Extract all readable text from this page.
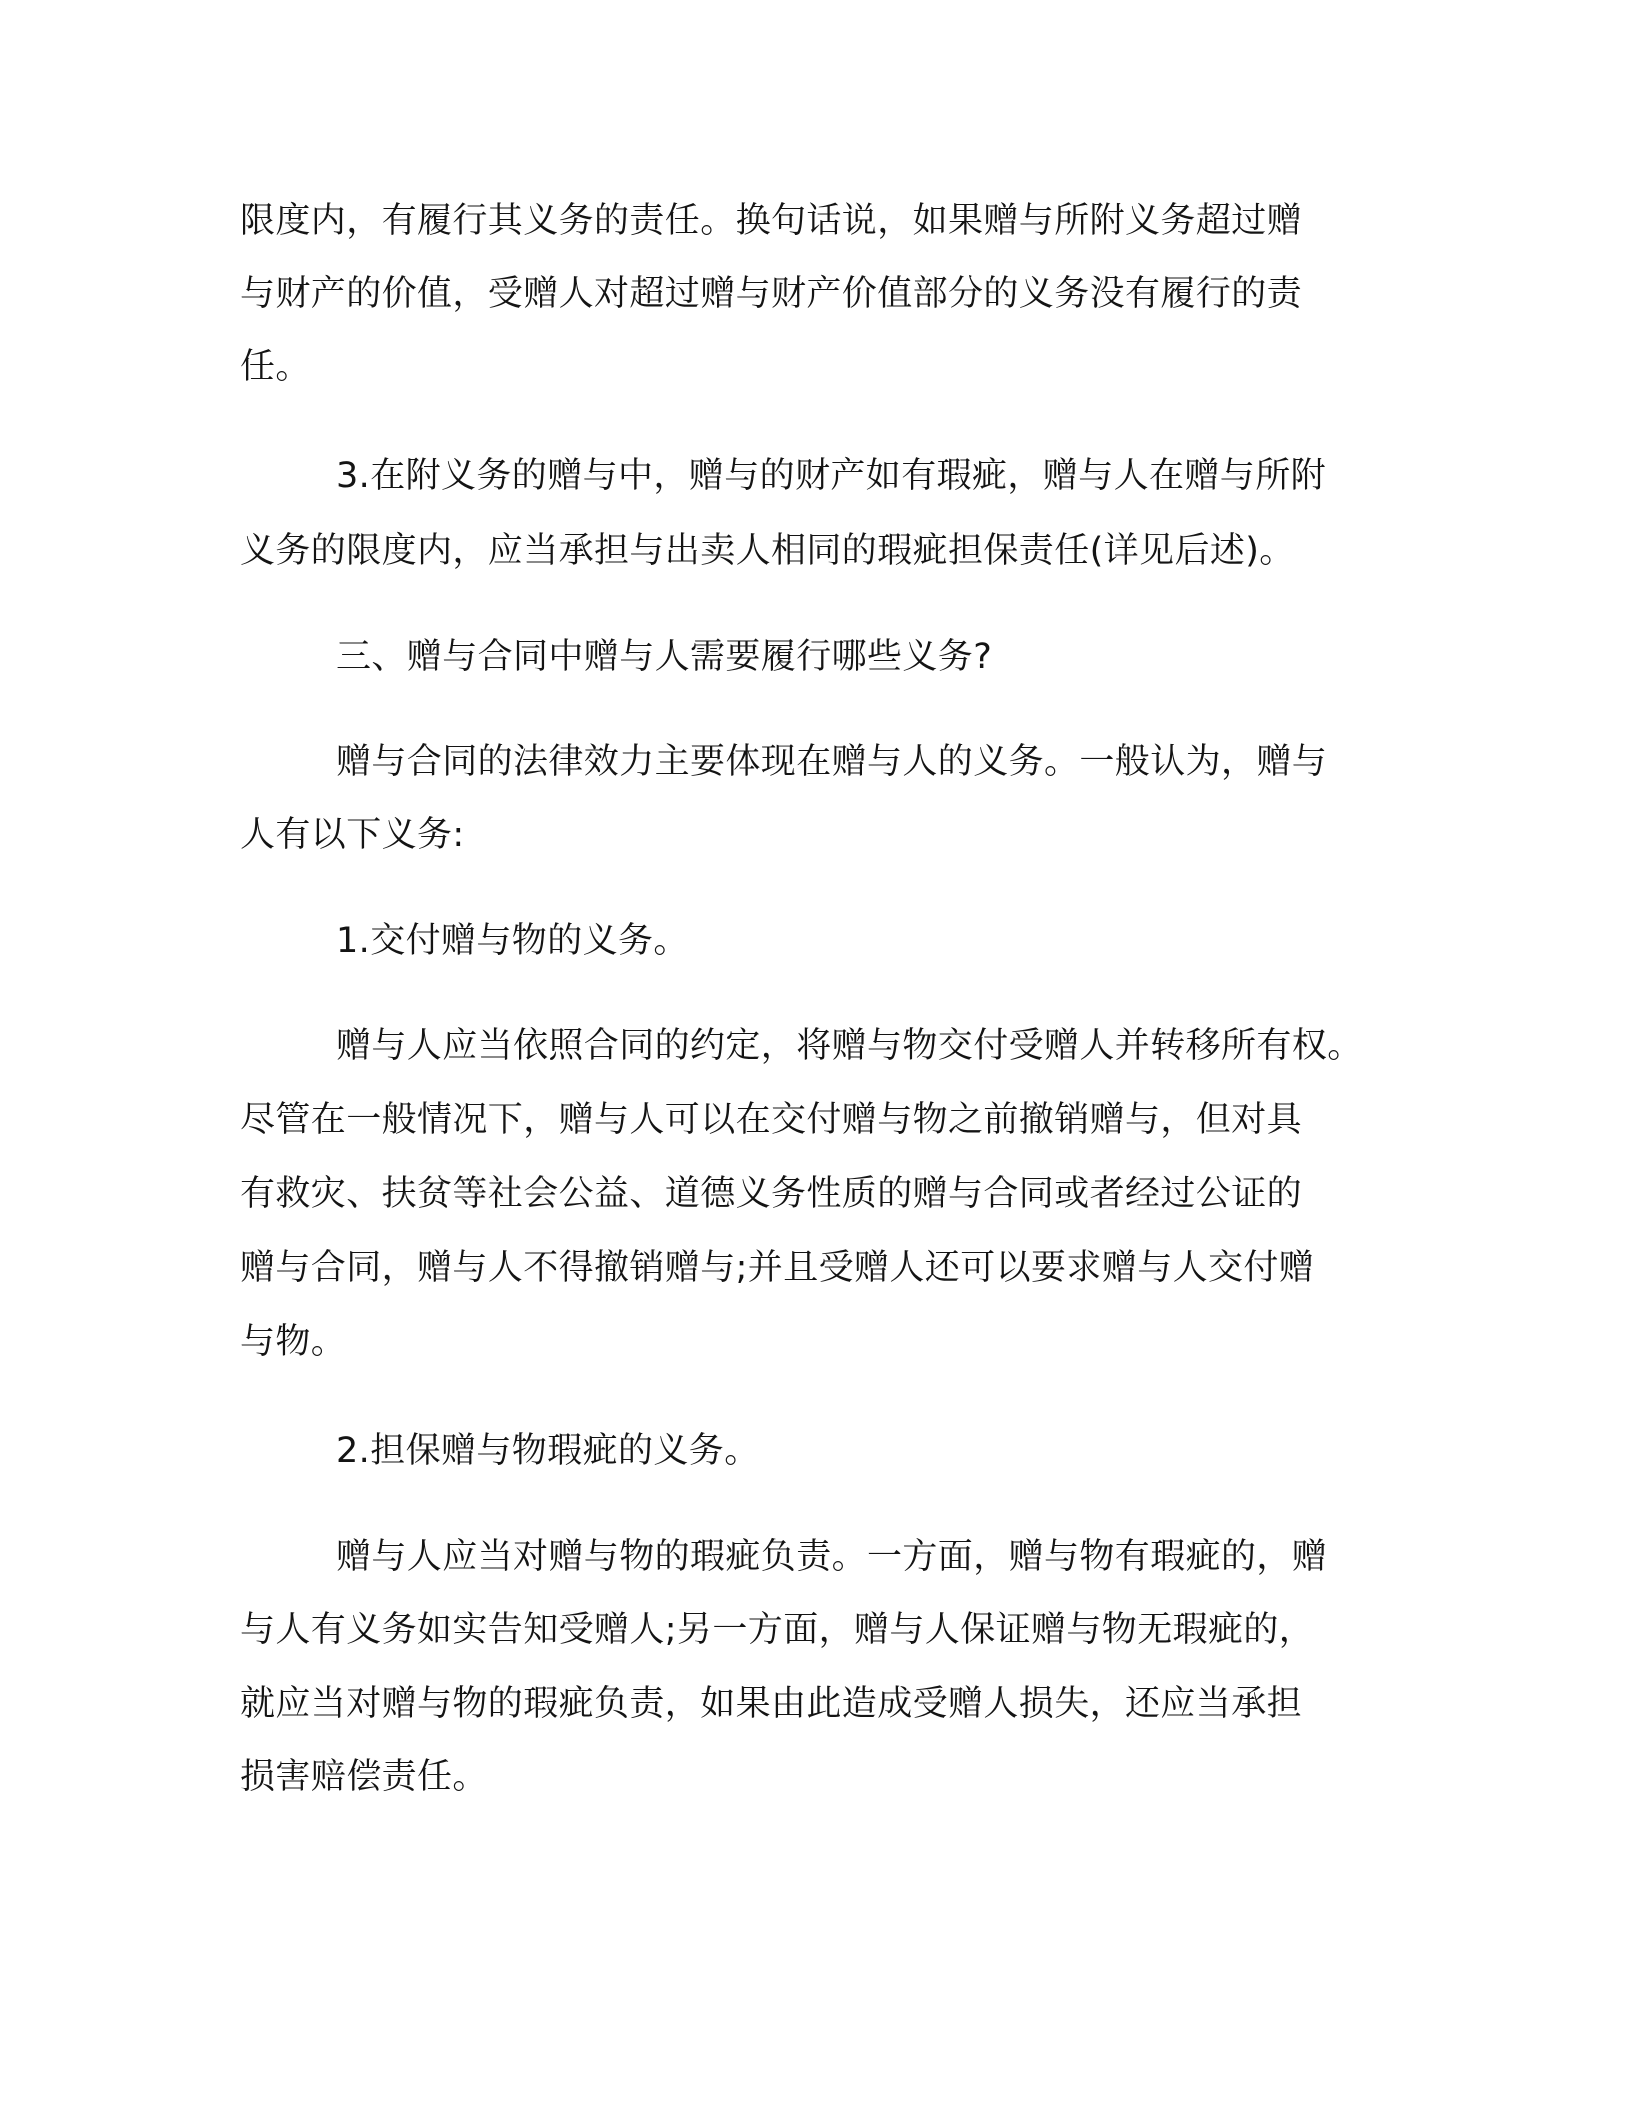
限度内，有履行其义务的责任。换句话说，如果赠与所附义务超过赠
与财产的价值，受赠人对超过赠与财产价值部分的义务没有履行的责
任。
3.在附义务的赠与中，赠与的财产如有瑕疵，赠与人在赠与所附
义务的限度内，应当承担与出卖人相同的瑕疵担保责任(详见后述)。
三、赠与合同中赠与人需要履行哪些义务?
赠与合同的法律效力主要体现在赠与人的义务。一般认为，赠与
人有以下义务:
1.交付赠与物的义务。
赠与人应当依照合同的约定，将赠与物交付受赠人并转移所有权。
尽管在一般情况下，赠与人可以在交付赠与物之前撤销赠与，但对具
有救灾、扶贫等社会公益、道德义务性质的赠与合同或者经过公证的
赠与合同，赠与人不得撤销赠与;并且受赠人还可以要求赠与人交付赠
与物。
2.担保赠与物瑕疵的义务。
赠与人应当对赠与物的瑕疵负责。一方面，赠与物有瑕疵的，赠
与人有义务如实告知受赠人;另一方面，赠与人保证赠与物无瑕疵的，
就应当对赠与物的瑕疵负责，如果由此造成受赠人损失，还应当承担
损害赔偿责任。
